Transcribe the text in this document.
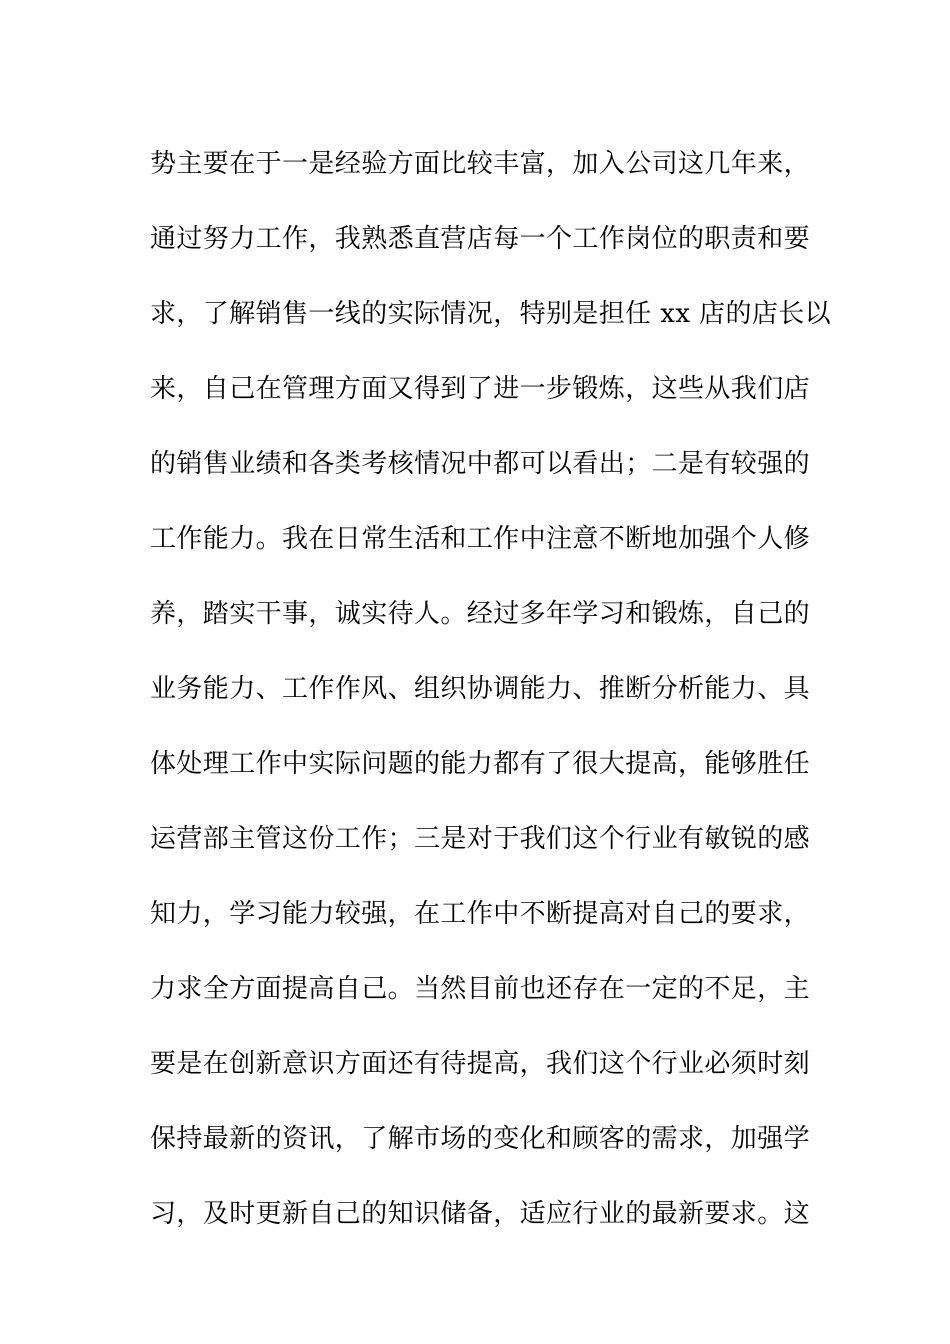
势主要在于一是经验方面比较丰富，加入公司这几年来，
通过努力工作，我熟悉直营店每一个工作岗位的职责和要
求，了解销售一线的实际情况，特别是担任 xx 店的店长以
来，自己在管理方面又得到了进一步锻炼，这些从我们店
的销售业绩和各类考核情况中都可以看出；二是有较强的
工作能力。我在日常生活和工作中注意不断地加强个人修
养，踏实干事，诚实待人。经过多年学习和锻炼，自己的
业务能力、工作作风、组织协调能力、推断分析能力、具
体处理工作中实际问题的能力都有了很大提高，能够胜任
运营部主管这份工作；三是对于我们这个行业有敏锐的感
知力，学习能力较强，在工作中不断提高对自己的要求，
力求全方面提高自己。当然目前也还存在一定的不足，主
要是在创新意识方面还有待提高，我们这个行业必须时刻
保持最新的资讯，了解市场的变化和顾客的需求，加强学
习，及时更新自己的知识储备，适应行业的最新要求。这
